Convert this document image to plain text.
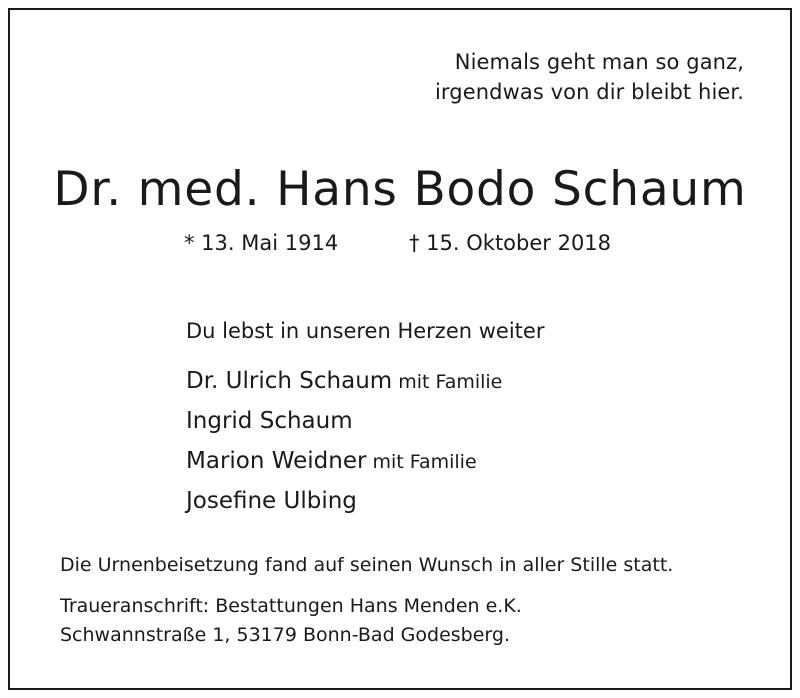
Niemals geht man so ganz,
irgendwas von dir bleibt hier.
Dr. med. Hans Bodo Schaum
* 13. Mai 1914	† 15. Oktober 2018
Du lebst in unseren Herzen weiter
Dr. Ulrich Schaum mit Familie
Ingrid Schaum
Marion Weidner mit Familie
Josefine Ulbing
Die Urnenbeisetzung fand auf seinen Wunsch in aller Stille statt.
Traueranschrift: Bestattungen Hans Menden e.K.
Schwannstraße 1, 53179 Bonn-Bad Godesberg.
